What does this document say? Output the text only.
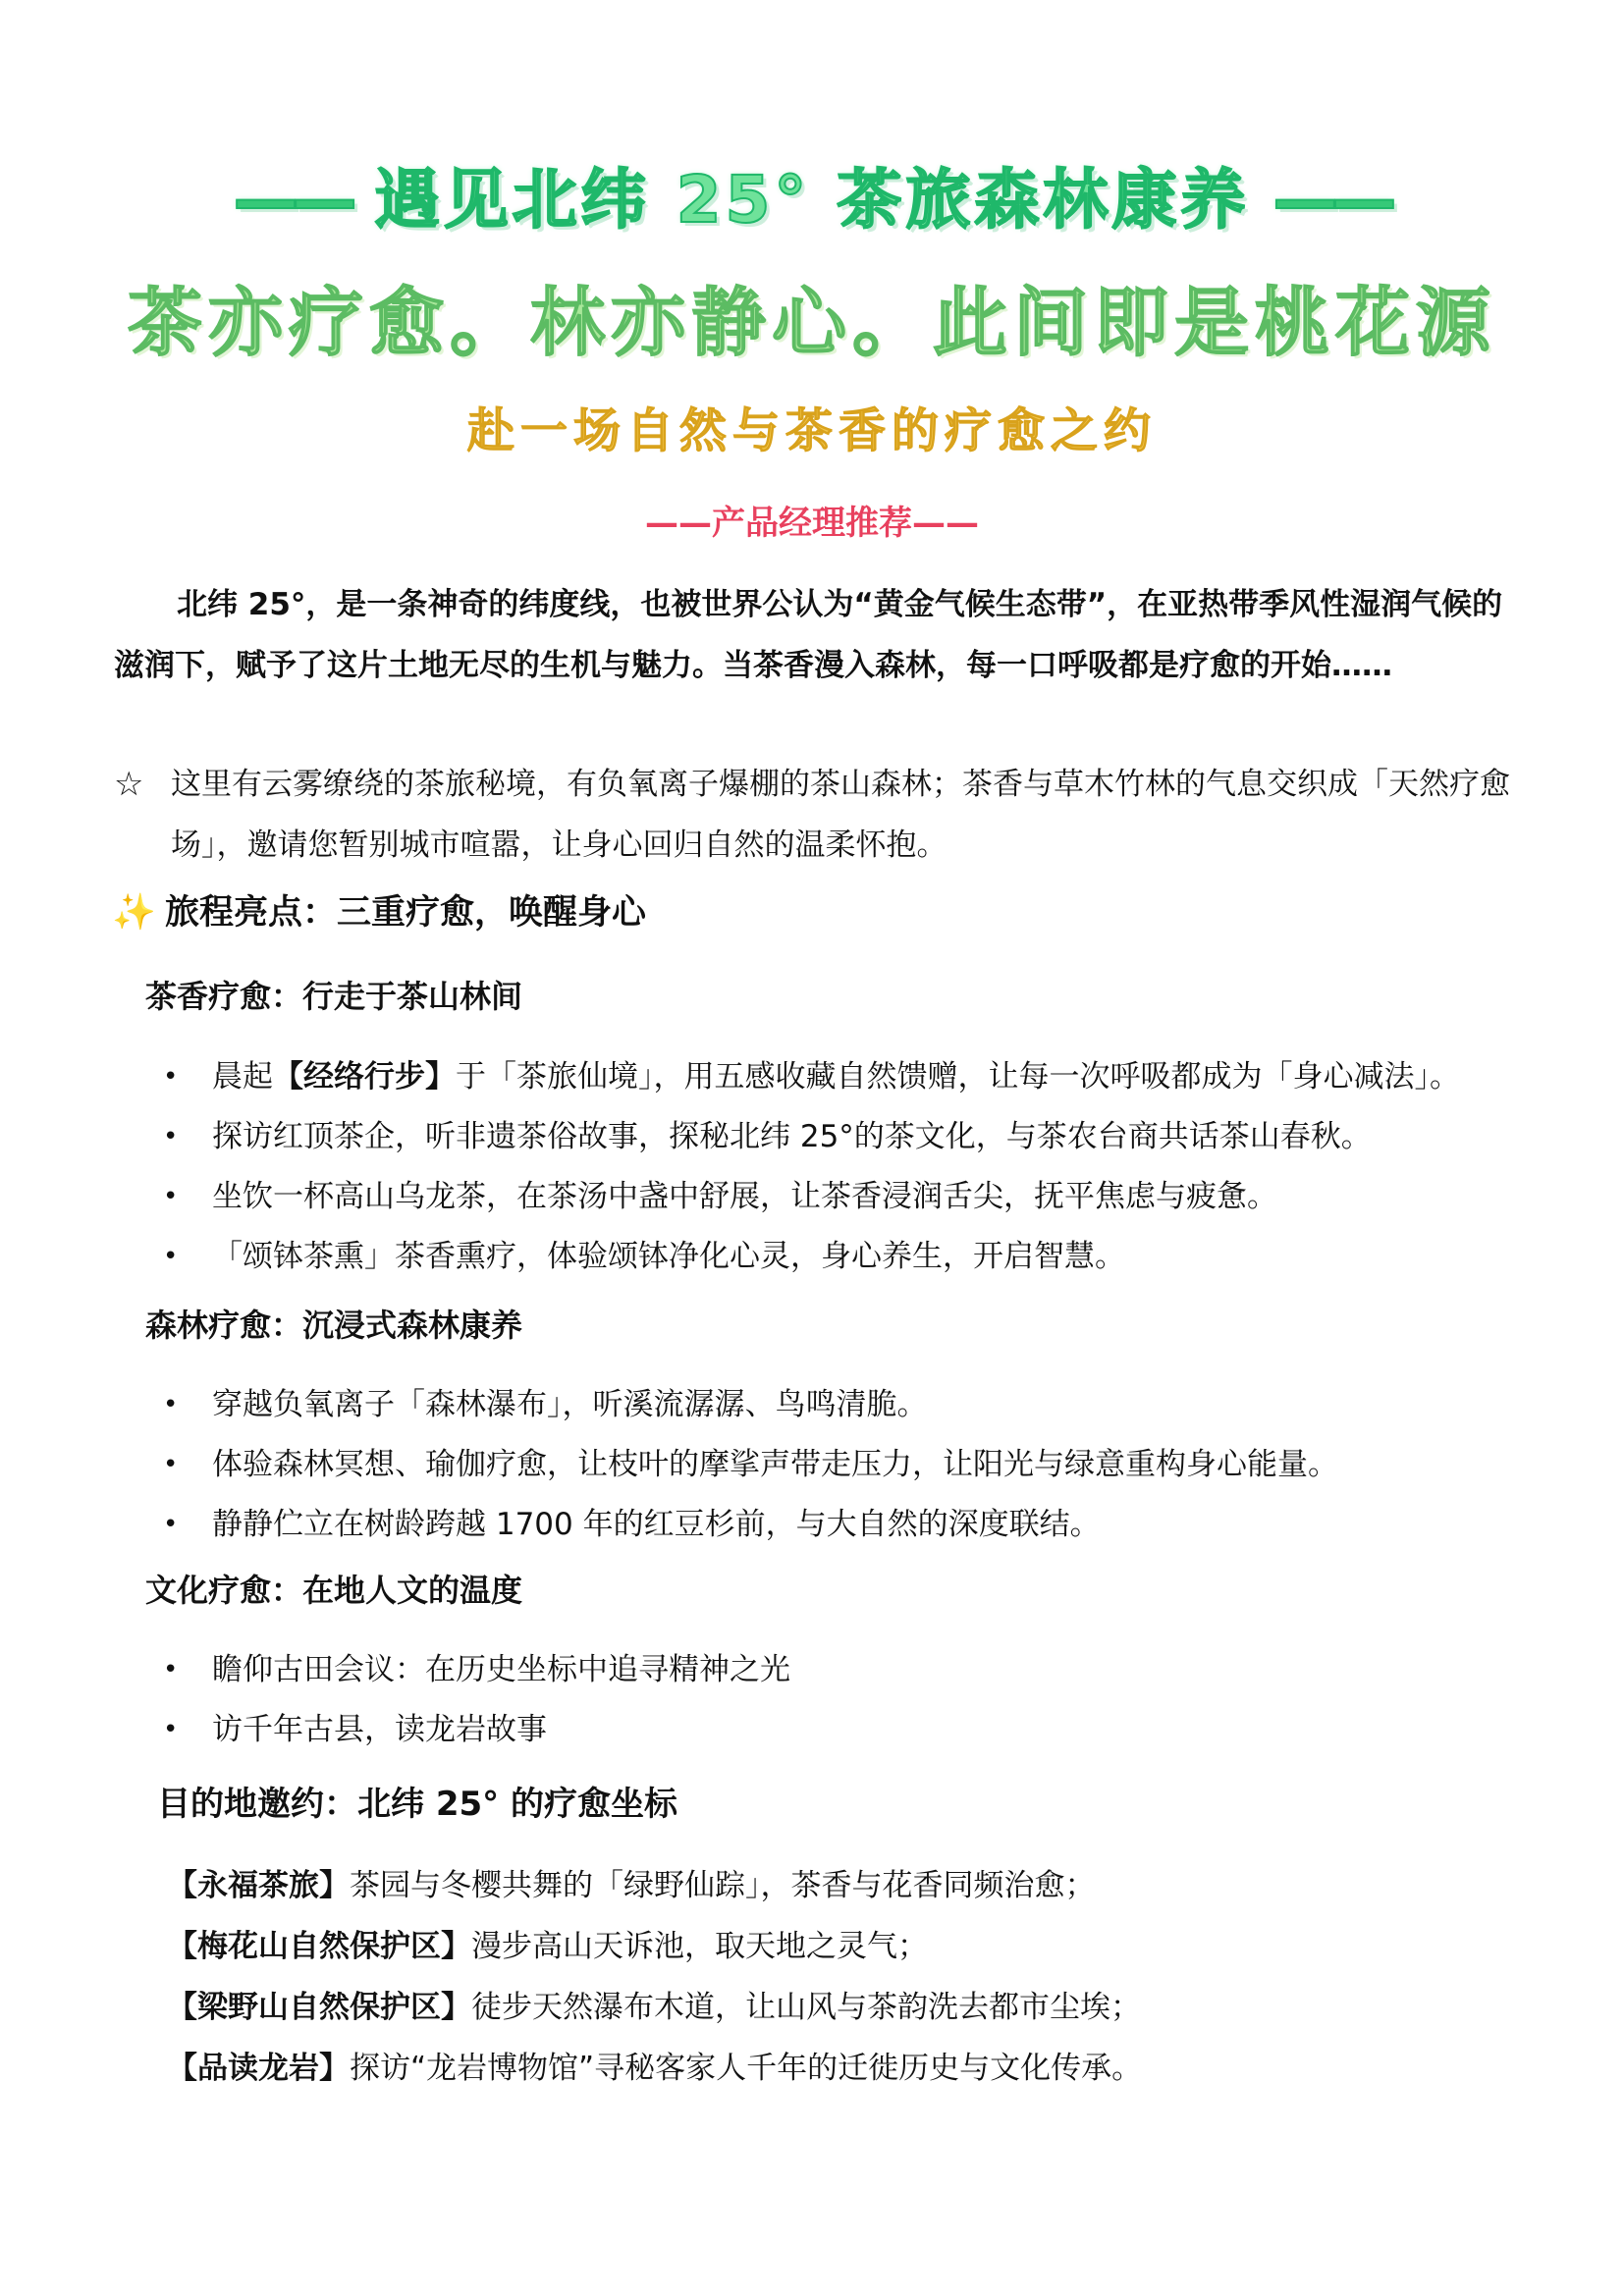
—— 遇见北纬 25° 茶旅森林康养 ——
茶亦疗愈。林亦静心。此间即是桃花源
赴一场自然与茶香的疗愈之约
——产品经理推荐——
北纬 25°，是一条神奇的纬度线，也被世界公认为“黄金气候生态带”，在亚热带季风性湿润气候的滋润下，赋予了这片土地无尽的生机与魅力。当茶香漫入森林，每一口呼吸都是疗愈的开始……
☆ 这里有云雾缭绕的茶旅秘境，有负氧离子爆棚的茶山森林；茶香与草木竹林的气息交织成「天然疗愈场」，邀请您暂别城市喧嚣，让身心回归自然的温柔怀抱。
✨ 旅程亮点：三重疗愈，唤醒身心
茶香疗愈：行走于茶山林间
• 晨起【经络行步】于「茶旅仙境」，用五感收藏自然馈赠，让每一次呼吸都成为「身心减法」。
• 探访红顶茶企，听非遗茶俗故事，探秘北纬 25°的茶文化，与茶农台商共话茶山春秋。
• 坐饮一杯高山乌龙茶，在茶汤中盏中舒展，让茶香浸润舌尖，抚平焦虑与疲惫。
• 「颂钵茶熏」茶香熏疗，体验颂钵净化心灵，身心养生，开启智慧。
森林疗愈：沉浸式森林康养
• 穿越负氧离子「森林瀑布」，听溪流潺潺、鸟鸣清脆。
• 体验森林冥想、瑜伽疗愈，让枝叶的摩挲声带走压力，让阳光与绿意重构身心能量。
• 静静伫立在树龄跨越 1700 年的红豆杉前，与大自然的深度联结。
文化疗愈：在地人文的温度
• 瞻仰古田会议：在历史坐标中追寻精神之光
• 访千年古县，读龙岩故事
目的地邀约：北纬 25° 的疗愈坐标
【永福茶旅】茶园与冬樱共舞的「绿野仙踪」，茶香与花香同频治愈；
【梅花山自然保护区】漫步高山天诉池，取天地之灵气；
【梁野山自然保护区】徒步天然瀑布木道，让山风与茶韵洗去都市尘埃；
【品读龙岩】探访“龙岩博物馆”寻秘客家人千年的迁徙历史与文化传承。
